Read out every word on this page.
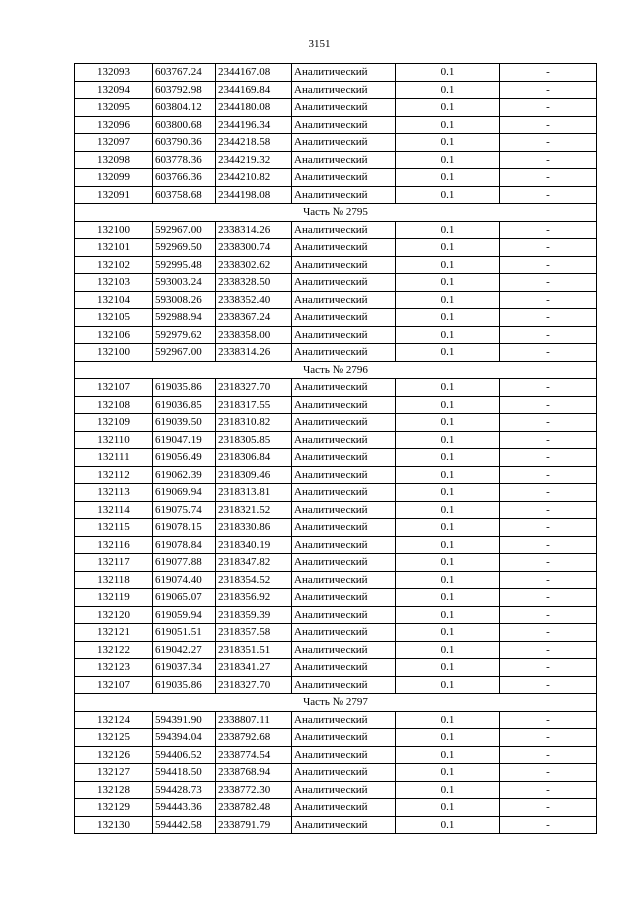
3151
132093	603767.24	2344167.08	Аналитический	0.1	-
132094	603792.98	2344169.84	Аналитический	0.1	-
132095	603804.12	2344180.08	Аналитический	0.1	-
132096	603800.68	2344196.34	Аналитический	0.1	-
132097	603790.36	2344218.58	Аналитический	0.1	-
132098	603778.36	2344219.32	Аналитический	0.1	-
132099	603766.36	2344210.82	Аналитический	0.1	-
132091	603758.68	2344198.08	Аналитический	0.1	-
Часть № 2795					
132100	592967.00	2338314.26	Аналитический	0.1	-
132101	592969.50	2338300.74	Аналитический	0.1	-
132102	592995.48	2338302.62	Аналитический	0.1	-
132103	593003.24	2338328.50	Аналитический	0.1	-
132104	593008.26	2338352.40	Аналитический	0.1	-
132105	592988.94	2338367.24	Аналитический	0.1	-
132106	592979.62	2338358.00	Аналитический	0.1	-
132100	592967.00	2338314.26	Аналитический	0.1	-
Часть № 2796					
132107	619035.86	2318327.70	Аналитический	0.1	-
132108	619036.85	2318317.55	Аналитический	0.1	-
132109	619039.50	2318310.82	Аналитический	0.1	-
132110	619047.19	2318305.85	Аналитический	0.1	-
132111	619056.49	2318306.84	Аналитический	0.1	-
132112	619062.39	2318309.46	Аналитический	0.1	-
132113	619069.94	2318313.81	Аналитический	0.1	-
132114	619075.74	2318321.52	Аналитический	0.1	-
132115	619078.15	2318330.86	Аналитический	0.1	-
132116	619078.84	2318340.19	Аналитический	0.1	-
132117	619077.88	2318347.82	Аналитический	0.1	-
132118	619074.40	2318354.52	Аналитический	0.1	-
132119	619065.07	2318356.92	Аналитический	0.1	-
132120	619059.94	2318359.39	Аналитический	0.1	-
132121	619051.51	2318357.58	Аналитический	0.1	-
132122	619042.27	2318351.51	Аналитический	0.1	-
132123	619037.34	2318341.27	Аналитический	0.1	-
132107	619035.86	2318327.70	Аналитический	0.1	-
Часть № 2797					
132124	594391.90	2338807.11	Аналитический	0.1	-
132125	594394.04	2338792.68	Аналитический	0.1	-
132126	594406.52	2338774.54	Аналитический	0.1	-
132127	594418.50	2338768.94	Аналитический	0.1	-
132128	594428.73	2338772.30	Аналитический	0.1	-
132129	594443.36	2338782.48	Аналитический	0.1	-
132130	594442.58	2338791.79	Аналитический	0.1	-
